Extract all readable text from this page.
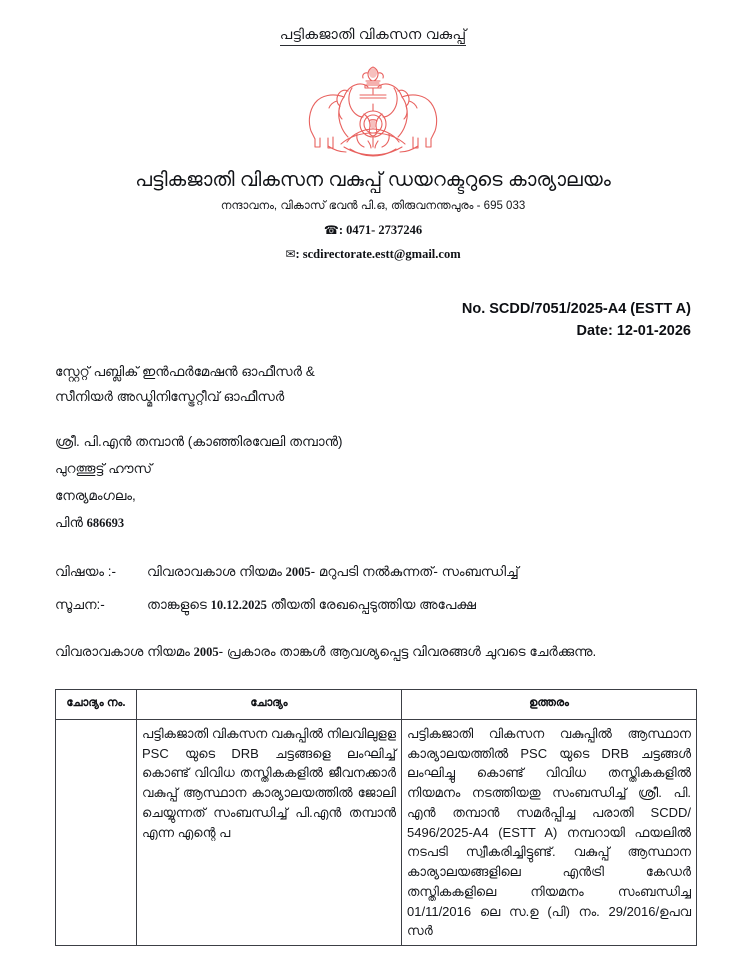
പട്ടികജാതി വികസന വകുപ്പ്
പട്ടികജാതി വികസന വകുപ്പ് ഡയറക്ടറുടെ കാര്യാലയം
നന്ദാവനം, വികാസ് ഭവൻ പി.ഒ, തിരുവനന്തപുരം - 695 033
☎: 0471- 2737246
✉: scdirectorate.estt@gmail.com
No. SCDD/7051/2025-A4 (ESTT A)
Date: 12-01-2026
സ്റ്റേറ്റ് പബ്ലിക് ഇൻഫർമേഷൻ ഓഫീസർ &
സീനിയർ അഡ്മിനിസ്ട്രേറ്റീവ് ഓഫീസർ
ശ്രീ. പി.എൻ തമ്പാൻ (കാഞ്ഞിരവേലി തമ്പാൻ)
പുറത്തൂട്ട് ഹൗസ്
നേര്യമംഗലം,
പിൻ 686693
വിഷയം :-	വിവരാവകാശ നിയമം 2005- മറുപടി നൽകുന്നത്- സംബന്ധിച്ച്
സൂചന:-	താങ്കളുടെ 10.12.2025 തീയതി രേഖപ്പെടുത്തിയ അപേക്ഷ
വിവരാവകാശ നിയമം 2005- പ്രകാരം താങ്കൾ ആവശ്യപ്പെട്ട വിവരങ്ങൾ ചുവടെ ചേർക്കുന്നു.
ചോദ്യം നം.	ചോദ്യം	ഉത്തരം
	പട്ടികജാതി വികസന വകുപ്പിൽ നിലവിലുളള PSC യുടെ DRB ചട്ടങ്ങളെ ലംഘിച്ച് കൊണ്ട് വിവിധ തസ്തികകളിൽ ജീവനക്കാർ വകുപ്പ് ആസ്ഥാന കാര്യാലയത്തിൽ ജോലി ചെയ്യുന്നത് സംബന്ധിച്ച് പി.എൻ തമ്പാൻ എന്ന എന്റെ പ	പട്ടികജാതി വികസന വകുപ്പിൽ ആസ്ഥാന കാര്യാലയത്തിൽ PSC യുടെ DRB ചട്ടങ്ങൾ ലംഘിച്ചു കൊണ്ട് വിവിധ തസ്തികകളിൽ നിയമനം നടത്തിയതു സംബന്ധിച്ച് ശ്രീ. പി. എൻ തമ്പാൻ സമർപ്പിച്ച പരാതി SCDD/ 5496/2025-A4 (ESTT A) നമ്പറായി ഫയലിൽ നടപടി സ്വീകരിച്ചിട്ടുണ്ട്. വകുപ്പ് ആസ്ഥാന കാര്യാലയങ്ങളിലെ എൻട്രി കേഡർ തസ്തികകളിലെ നിയമനം സംബന്ധിച്ച 01/11/2016 ലെ സ.ഉ (പി) നം. 29/2016/ഉപവ സർ
